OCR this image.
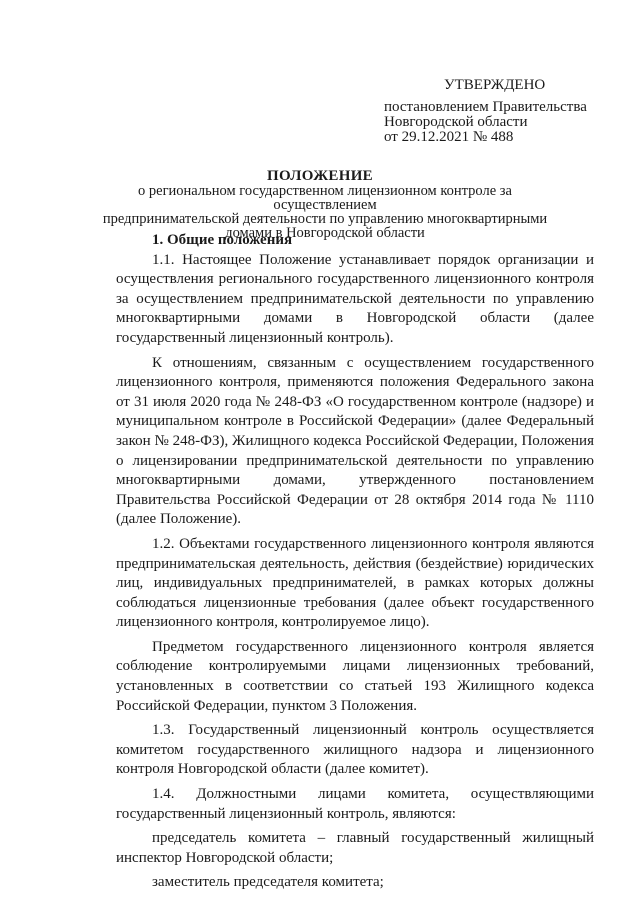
УТВЕРЖДЕНО
постановлением Правительства
Новгородской области
от 29.12.2021 № 488
ПОЛОЖЕНИЕ
о региональном государственном лицензионном контроле за осуществлением
предпринимательской деятельности по управлению многоквартирными
домами в Новгородской области
1. Общие положения

1.1. Настоящее Положение устанавливает порядок организации и осуществления регионального государственного лицензионного контроля за осуществлением предпринимательской деятельности по управлению многоквартирными домами в Новгородской области (далее государственный лицензионный контроль).

К отношениям, связанным с осуществлением государственного лицензионного контроля, применяются положения Федерального закона от 31 июля 2020 года № 248-ФЗ «О государственном контроле (надзоре) и муниципальном контроле в Российской Федерации» (далее Федеральный закон № 248-ФЗ), Жилищного кодекса Российской Федерации, Положения о лицензировании предпринимательской деятельности по управлению многоквартирными домами, утвержденного постановлением Правительства Российской Федерации от 28 октября 2014 года № 1110 (далее Положение).

1.2. Объектами государственного лицензионного контроля являются предпринимательская деятельность, действия (бездействие) юридических лиц, индивидуальных предпринимателей, в рамках которых должны соблюдаться лицензионные требования (далее объект государственного лицензионного контроля, контролируемое лицо).

Предметом государственного лицензионного контроля является соблюдение контролируемыми лицами лицензионных требований, установленных в соответствии со статьей 193 Жилищного кодекса Российской Федерации, пунктом 3 Положения.

1.3. Государственный лицензионный контроль осуществляется комитетом государственного жилищного надзора и лицензионного контроля Новгородской области (далее комитет).

1.4. Должностными лицами комитета, осуществляющими государственный лицензионный контроль, являются:

председатель комитета – главный государственный жилищный инспектор Новгородской области;

заместитель председателя комитета;
